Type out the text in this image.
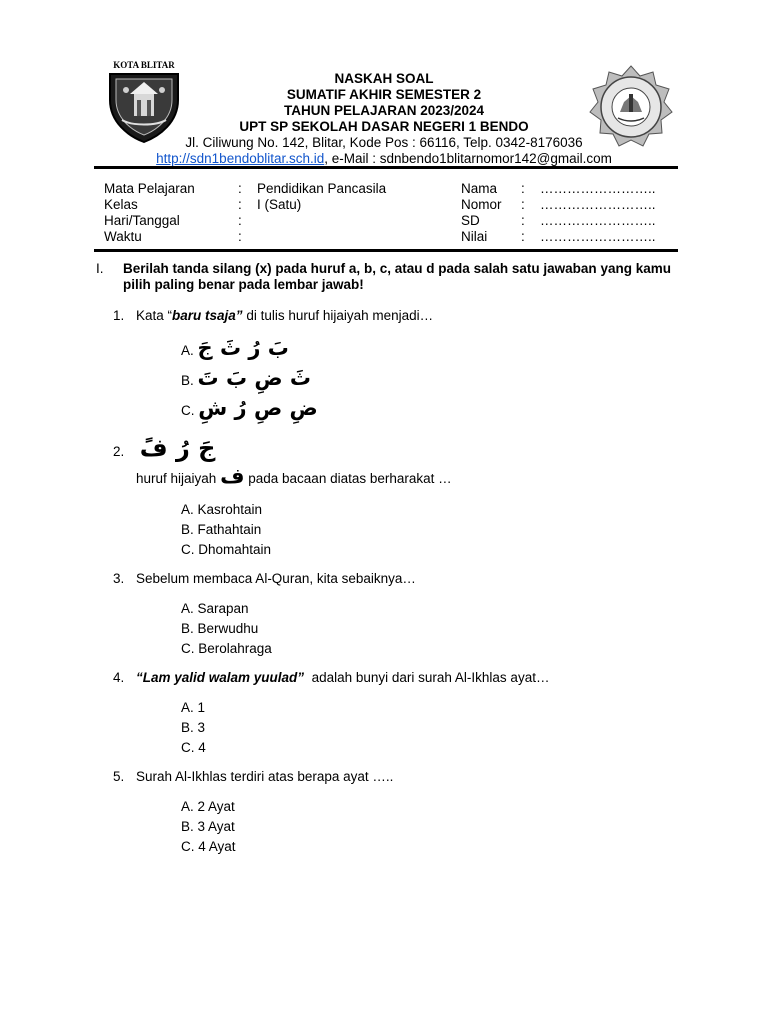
KOTA BLITAR
NASKAH SOAL
SUMATIF AKHIR SEMESTER 2
TAHUN PELAJARAN 2023/2024
UPT SP SEKOLAH DASAR NEGERI 1 BENDO
Jl. Ciliwung No. 142, Blitar, Kode Pos : 66116, Telp. 0342-8176036
http://sdn1bendoblitar.sch.id, e-Mail : sdnbendo1blitarnomor142@gmail.com
Mata Pelajaran
Kelas
Hari/Tanggal
Waktu
:
:
:
:
Pendidikan Pancasila
I (Satu)
Nama
Nomor
SD
Nilai
:
:
:
:
……………………..
……………………..
……………………..
……………………..
I. Berilah tanda silang (x) pada huruf a, b, c, atau d pada salah satu jawaban yang kamu pilih paling benar pada lembar jawab!
1. Kata “baru tsaja” di tulis huruf hijaiyah menjadi…
A. بَ رُ ثَ جَ
B. ثَ ضِ بَ تَ
C. ضِ صِ رُ شِ
2. جَ رُ فً
huruf hijaiyah ف pada bacaan diatas berharakat …
A. Kasrohtain
B. Fathahtain
C. Dhomahtain
3. Sebelum membaca Al-Quran, kita sebaiknya…
A. Sarapan
B. Berwudhu
C. Berolahraga
4. “Lam yalid walam yuulad”  adalah bunyi dari surah Al-Ikhlas ayat…
A. 1
B. 3
C. 4
5. Surah Al-Ikhlas terdiri atas berapa ayat …..
A. 2 Ayat
B. 3 Ayat
C. 4 Ayat
